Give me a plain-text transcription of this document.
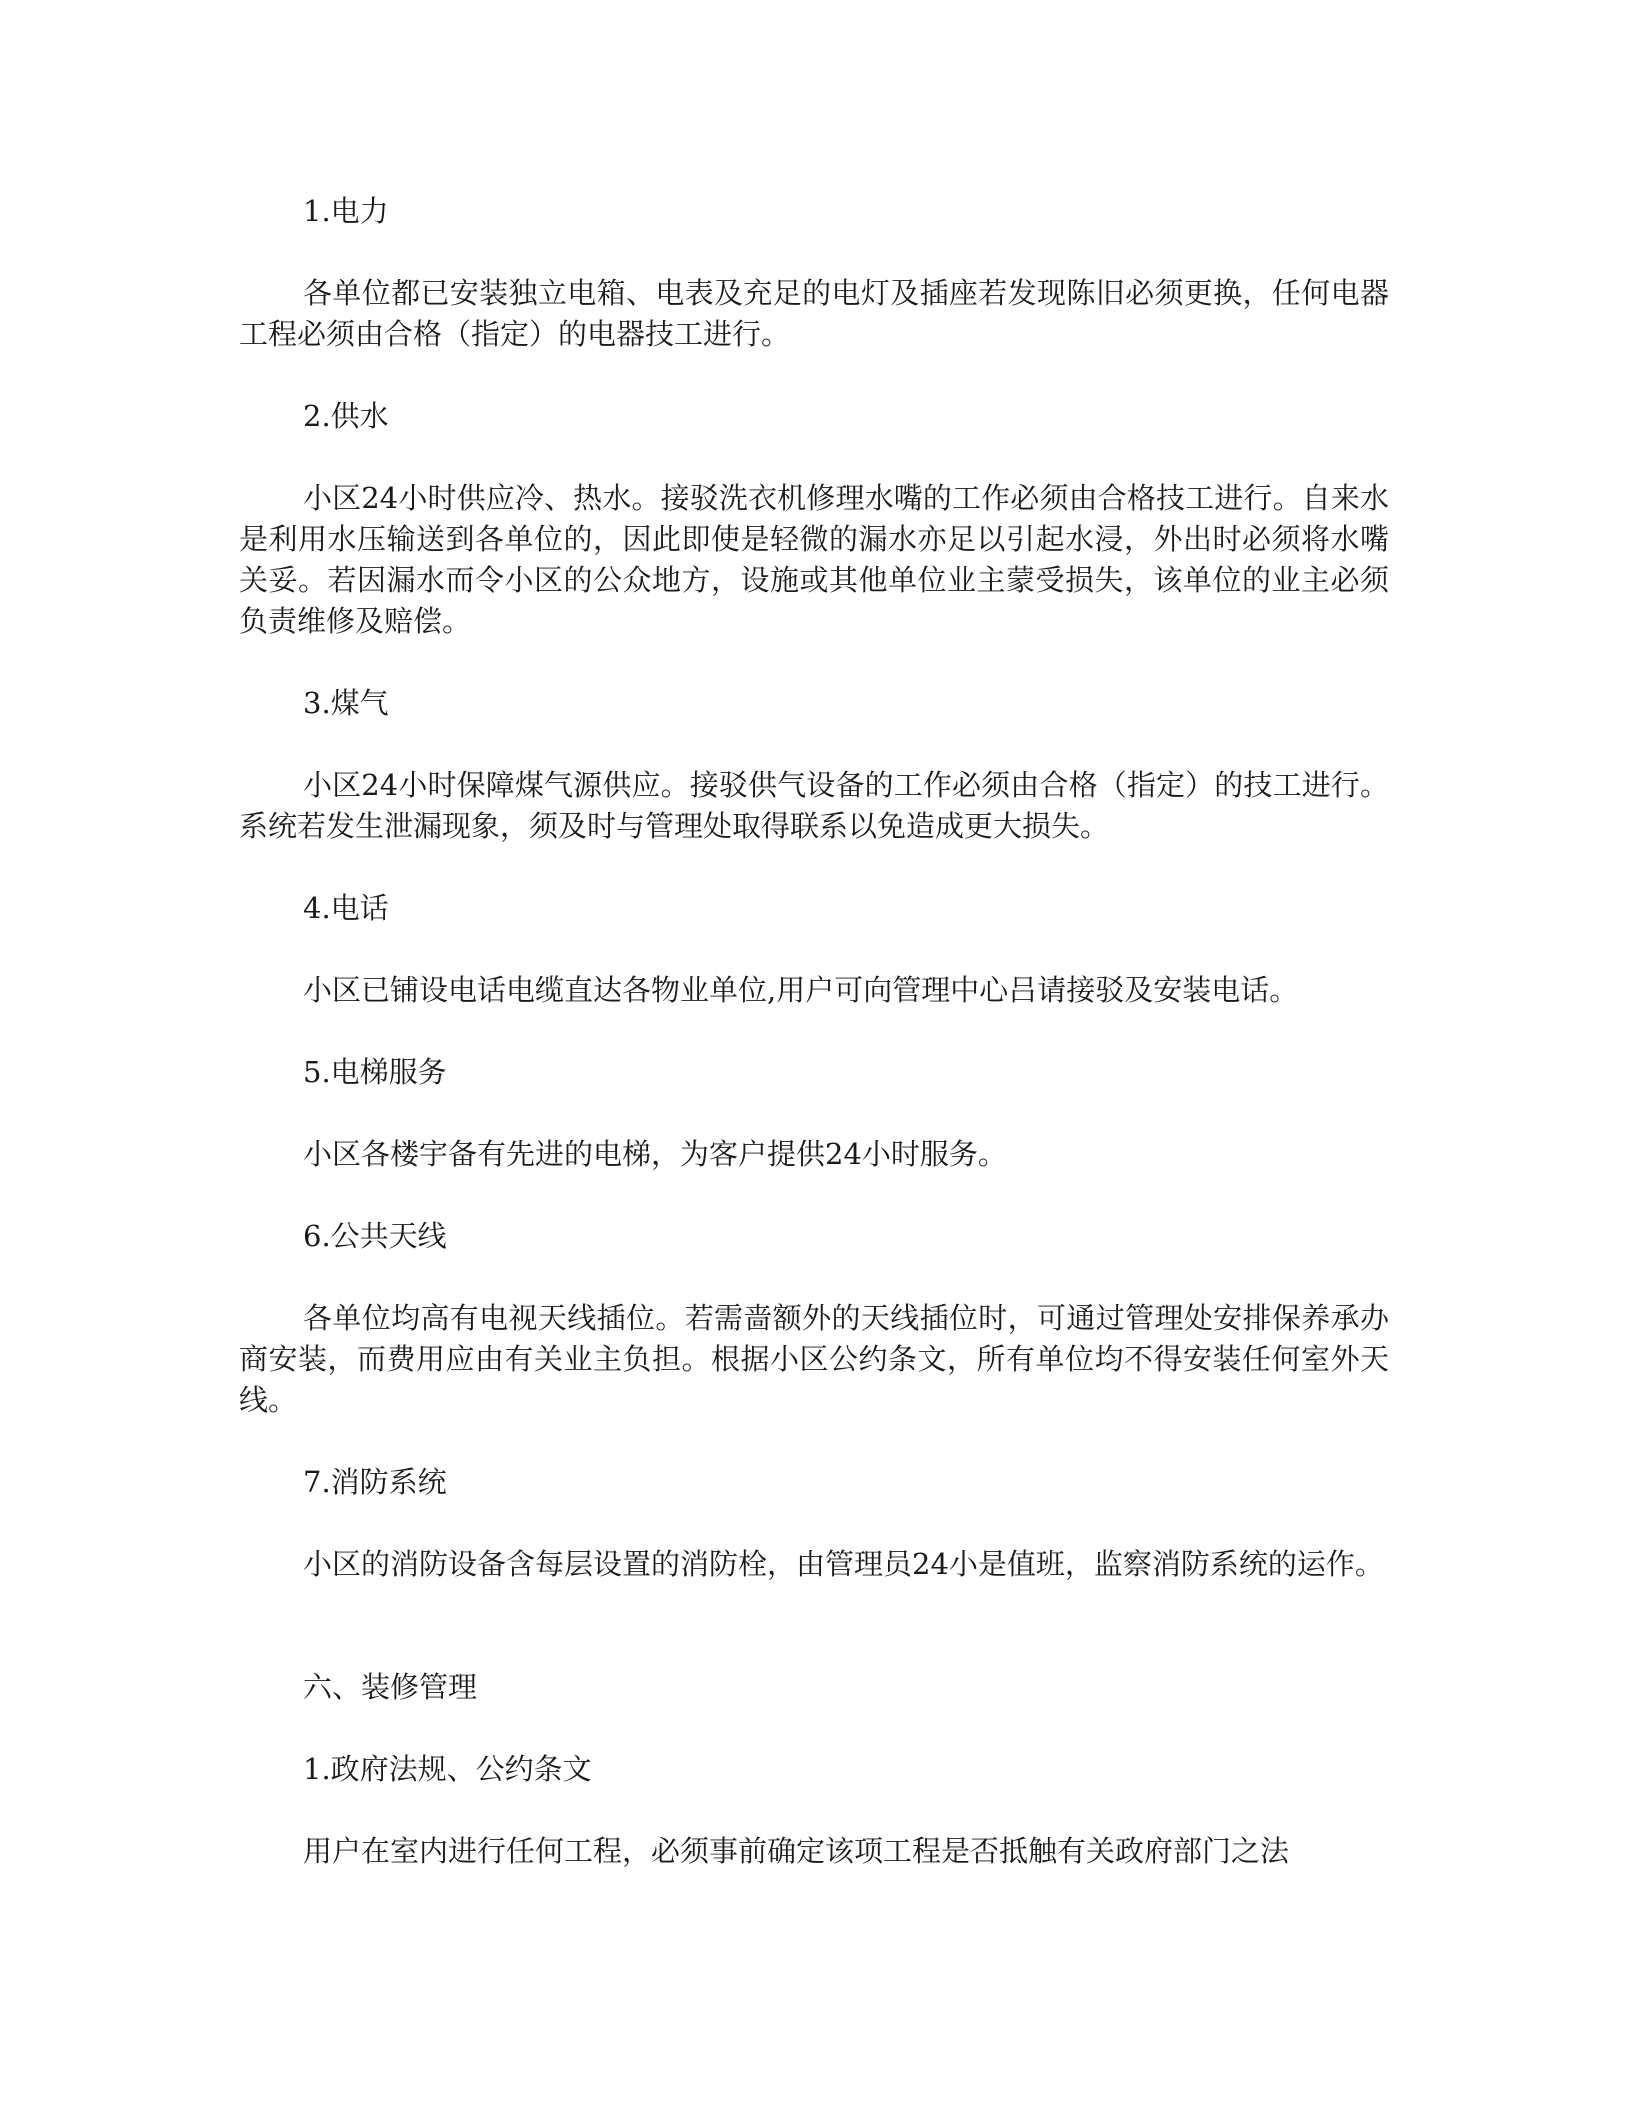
1.电力

各单位都已安装独立电箱、电表及充足的电灯及插座若发现陈旧必须更换，任何电器工程必须由合格（指定）的电器技工进行。

2.供水

小区24小时供应冷、热水。接驳洗衣机修理水嘴的工作必须由合格技工进行。自来水是利用水压输送到各单位的，因此即使是轻微的漏水亦足以引起水浸，外出时必须将水嘴关妥。若因漏水而令小区的公众地方，设施或其他单位业主蒙受损失，该单位的业主必须负责维修及赔偿。

3.煤气

小区24小时保障煤气源供应。接驳供气设备的工作必须由合格（指定）的技工进行。系统若发生泄漏现象，须及时与管理处取得联系以免造成更大损失。

4.电话

小区已铺设电话电缆直达各物业单位,用户可向管理中心吕请接驳及安装电话。

5.电梯服务

小区各楼宇备有先进的电梯，为客户提供24小时服务。

6.公共天线

各单位均高有电视天线插位。若需啬额外的天线插位时，可通过管理处安排保养承办商安装，而费用应由有关业主负担。根据小区公约条文，所有单位均不得安装任何室外天线。

7.消防系统

小区的消防设备含每层设置的消防栓，由管理员24小是值班，监察消防系统的运作。

六、装修管理

1.政府法规、公约条文

用户在室内进行任何工程，必须事前确定该项工程是否抵触有关政府部门之法
